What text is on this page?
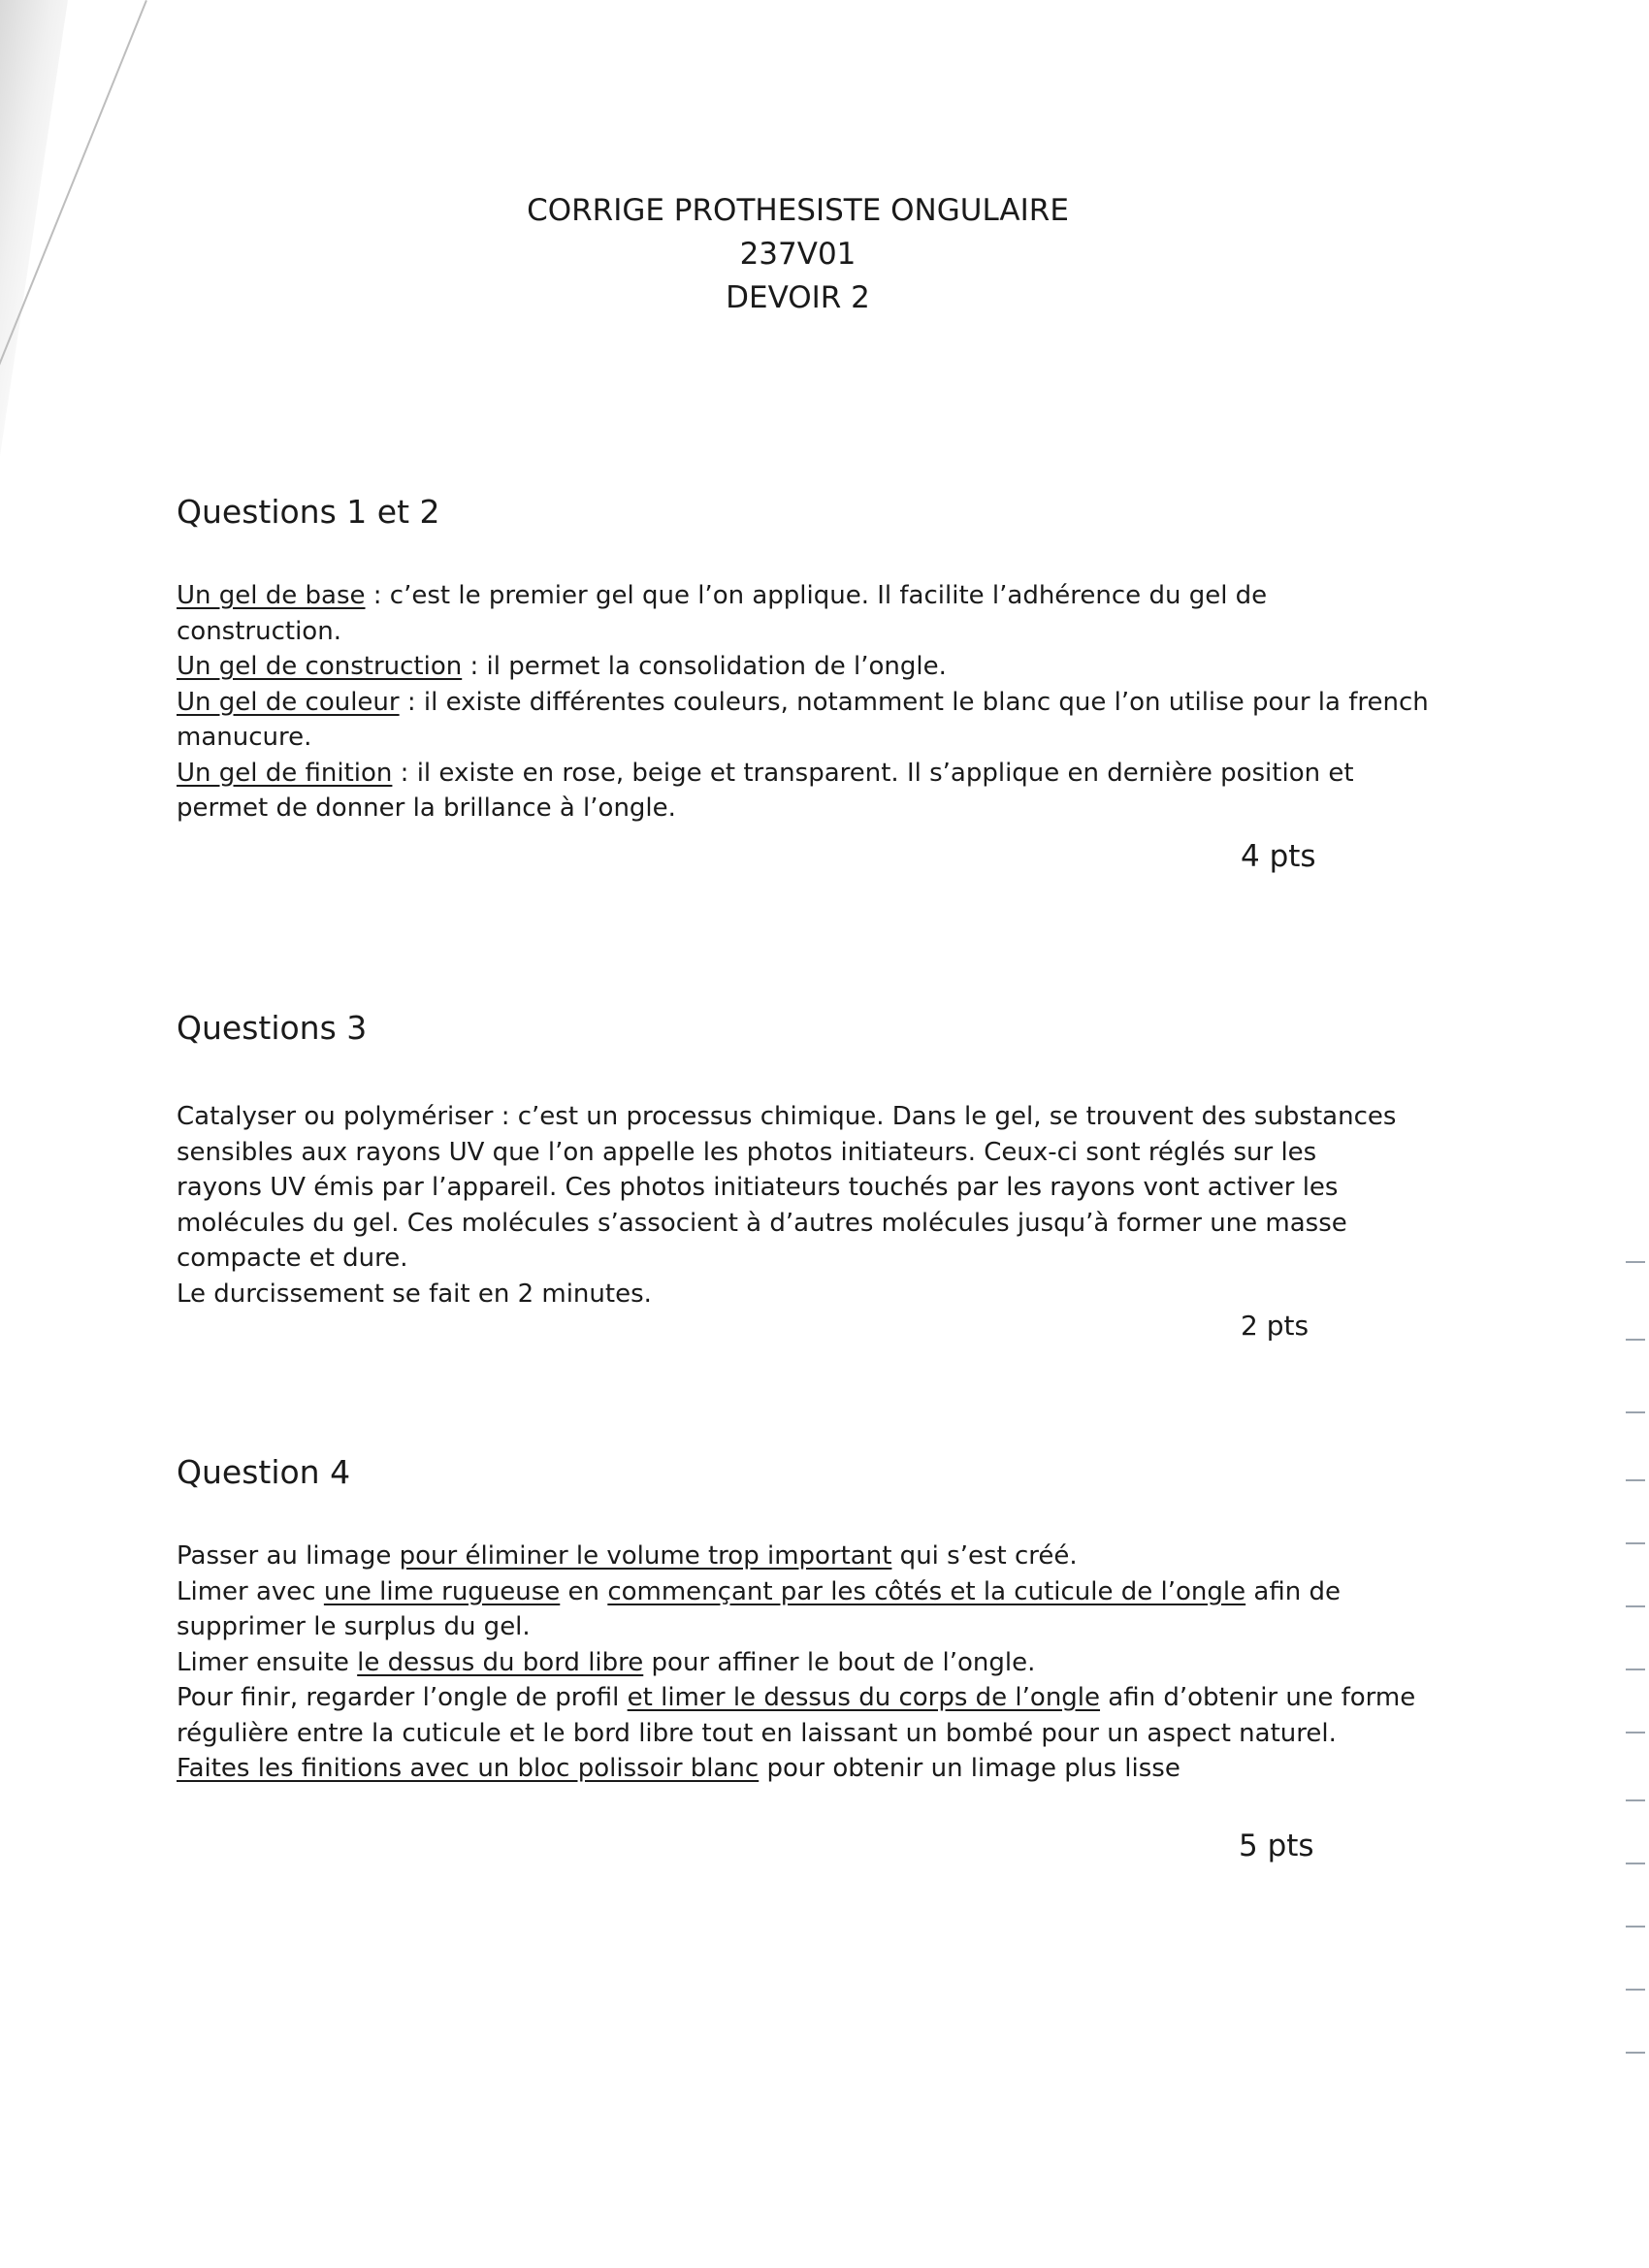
CORRIGE PROTHESISTE ONGULAIRE
237V01
DEVOIR 2
Questions 1 et 2

Un gel de base : c’est le premier gel que l’on applique. Il facilite l’adhérence du gel de construction.

Un gel de construction : il permet la consolidation de l’ongle.

Un gel de couleur : il existe différentes couleurs, notamment le blanc que l’on utilise pour la french manucure.

Un gel de finition : il existe en rose, beige et transparent. Il s’applique en dernière position et permet de donner la brillance à l’ongle.

4 pts
Questions 3

Catalyser ou polymériser : c’est un processus chimique. Dans le gel, se trouvent des substances sensibles aux rayons UV que l’on appelle les photos initiateurs. Ceux-ci sont réglés sur les rayons UV émis par l’appareil. Ces photos initiateurs touchés par les rayons vont activer les molécules du gel. Ces molécules s’associent à d’autres molécules jusqu’à former une masse compacte et dure.

Le durcissement se fait en 2 minutes.

2 pts
Question 4

Passer au limage pour éliminer le volume trop important qui s’est créé.

Limer avec une lime rugueuse en commençant par les côtés et la cuticule de l’ongle afin de supprimer le surplus du gel.

Limer ensuite le dessus du bord libre pour affiner le bout de l’ongle.

Pour finir, regarder l’ongle de profil et limer le dessus du corps de l’ongle afin d’obtenir une forme régulière entre la cuticule et le bord libre tout en laissant un bombé pour un aspect naturel.

Faites les finitions avec un bloc polissoir blanc pour obtenir un limage plus lisse

5 pts
